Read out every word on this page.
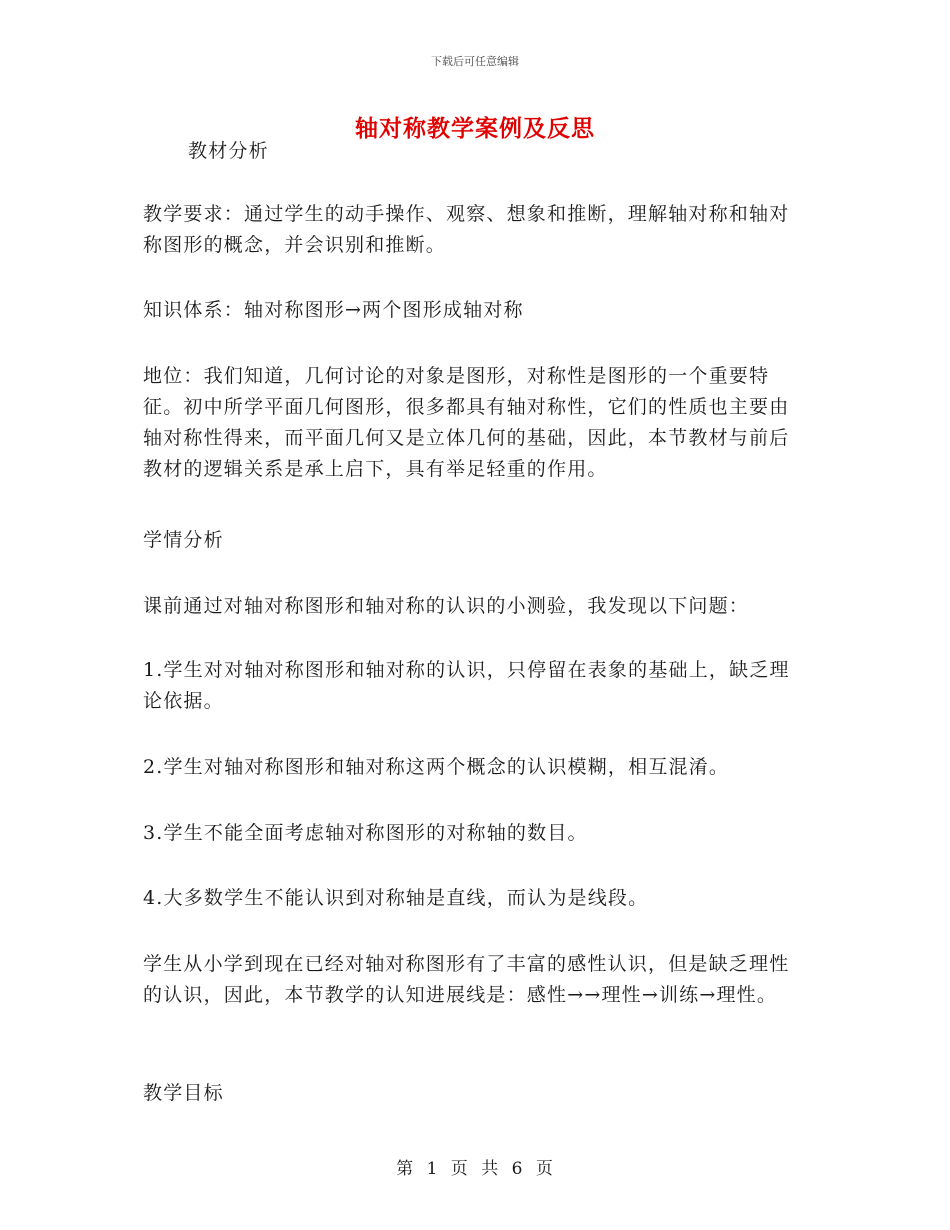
下载后可任意编辑
轴对称教学案例及反思

教材分析

教学要求：通过学生的动手操作、观察、想象和推断，理解轴对称和轴对称图形的概念，并会识别和推断。

知识体系：轴对称图形→两个图形成轴对称

地位：我们知道，几何讨论的对象是图形，对称性是图形的一个重要特征。初中所学平面几何图形，很多都具有轴对称性，它们的性质也主要由轴对称性得来，而平面几何又是立体几何的基础，因此，本节教材与前后教材的逻辑关系是承上启下，具有举足轻重的作用。

学情分析

课前通过对轴对称图形和轴对称的认识的小测验，我发现以下问题：

1.学生对对轴对称图形和轴对称的认识，只停留在表象的基础上，缺乏理论依据。

2.学生对轴对称图形和轴对称这两个概念的认识模糊，相互混淆。

3.学生不能全面考虑轴对称图形的对称轴的数目。

4.大多数学生不能认识到对称轴是直线，而认为是线段。

学生从小学到现在已经对轴对称图形有了丰富的感性认识，但是缺乏理性的认识，因此，本节教学的认知进展线是：感性→→理性→训练→理性。

教学目标

第 1 页 共 6 页
